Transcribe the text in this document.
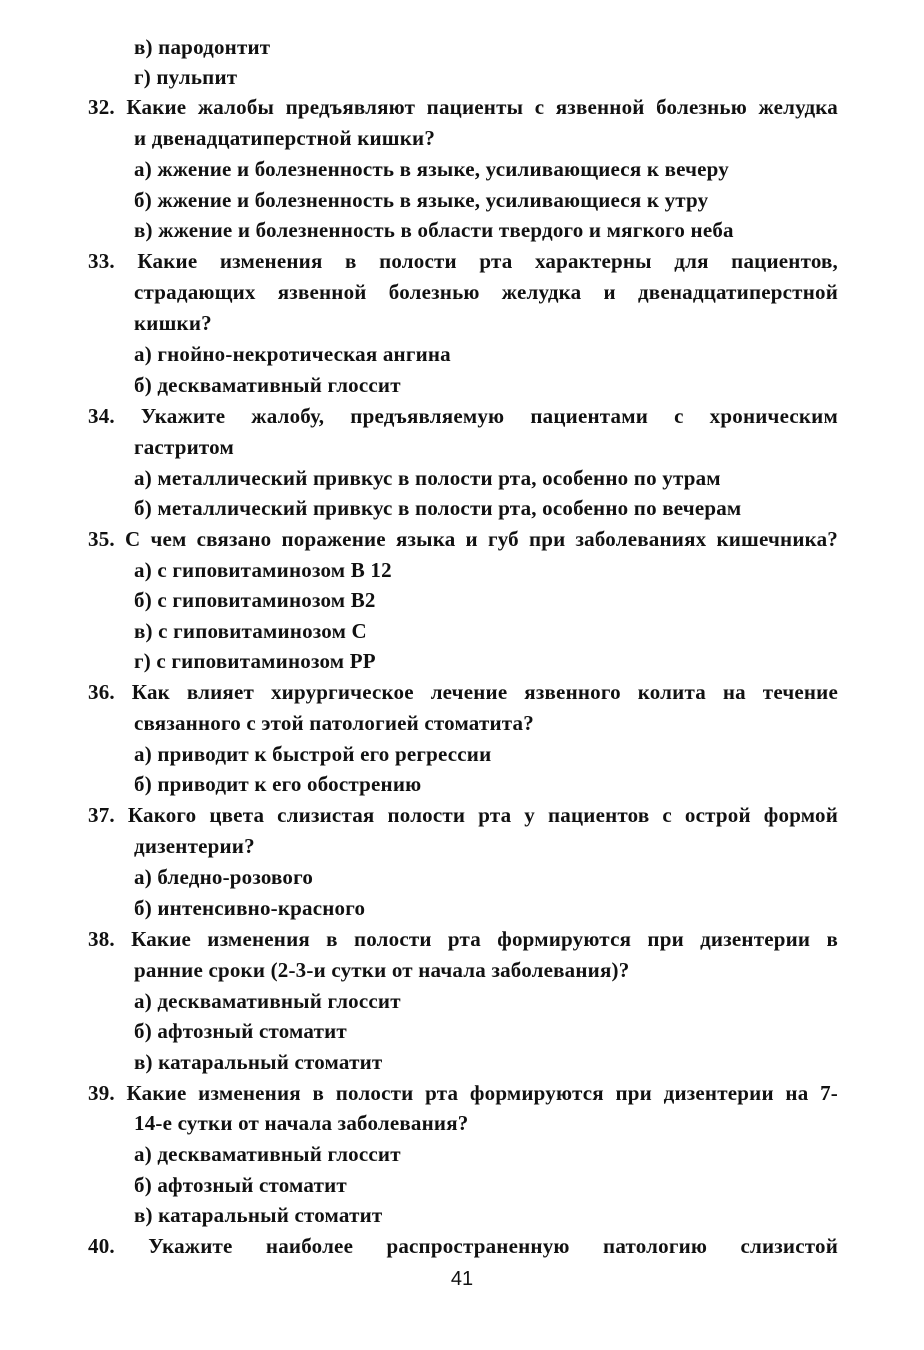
в) пародонтит
г) пульпит
32. Какие жалобы предъявляют пациенты с язвенной болезнью желудка
и двенадцатиперстной кишки?
а) жжение и болезненность в языке, усиливающиеся к вечеру
б) жжение и болезненность в языке, усиливающиеся к утру
в) жжение и болезненность в области твердого и мягкого неба
33. Какие изменения в полости рта характерны для пациентов,
страдающих язвенной болезнью желудка и двенадцатиперстной
кишки?
а) гнойно-некротическая ангина
б) десквамативный глоссит
34. Укажите жалобу, предъявляемую пациентами с хроническим
гастритом
а) металлический привкус в полости рта, особенно по утрам
б) металлический привкус в полости рта, особенно по вечерам
35. С чем связано поражение языка и губ при заболеваниях кишечника?
а) с гиповитаминозом В 12
б) с гиповитаминозом В2
в) с гиповитаминозом С
г) с гиповитаминозом РР
36. Как влияет хирургическое лечение язвенного колита на течение
связанного с этой патологией стоматита?
а) приводит к быстрой его регрессии
б) приводит к его обострению
37. Какого цвета слизистая полости рта у пациентов с острой формой
дизентерии?
а) бледно-розового
б) интенсивно-красного
38. Какие изменения в полости рта формируются при дизентерии в
ранние сроки (2-3-и сутки от начала заболевания)?
а) десквамативный глоссит
б) афтозный стоматит
в) катаральный стоматит
39. Какие изменения в полости рта формируются при дизентерии на 7-
14-е сутки от начала заболевания?
а) десквамативный глоссит
б) афтозный стоматит
в) катаральный стоматит
40. Укажите наиболее распространенную патологию слизистой
41
